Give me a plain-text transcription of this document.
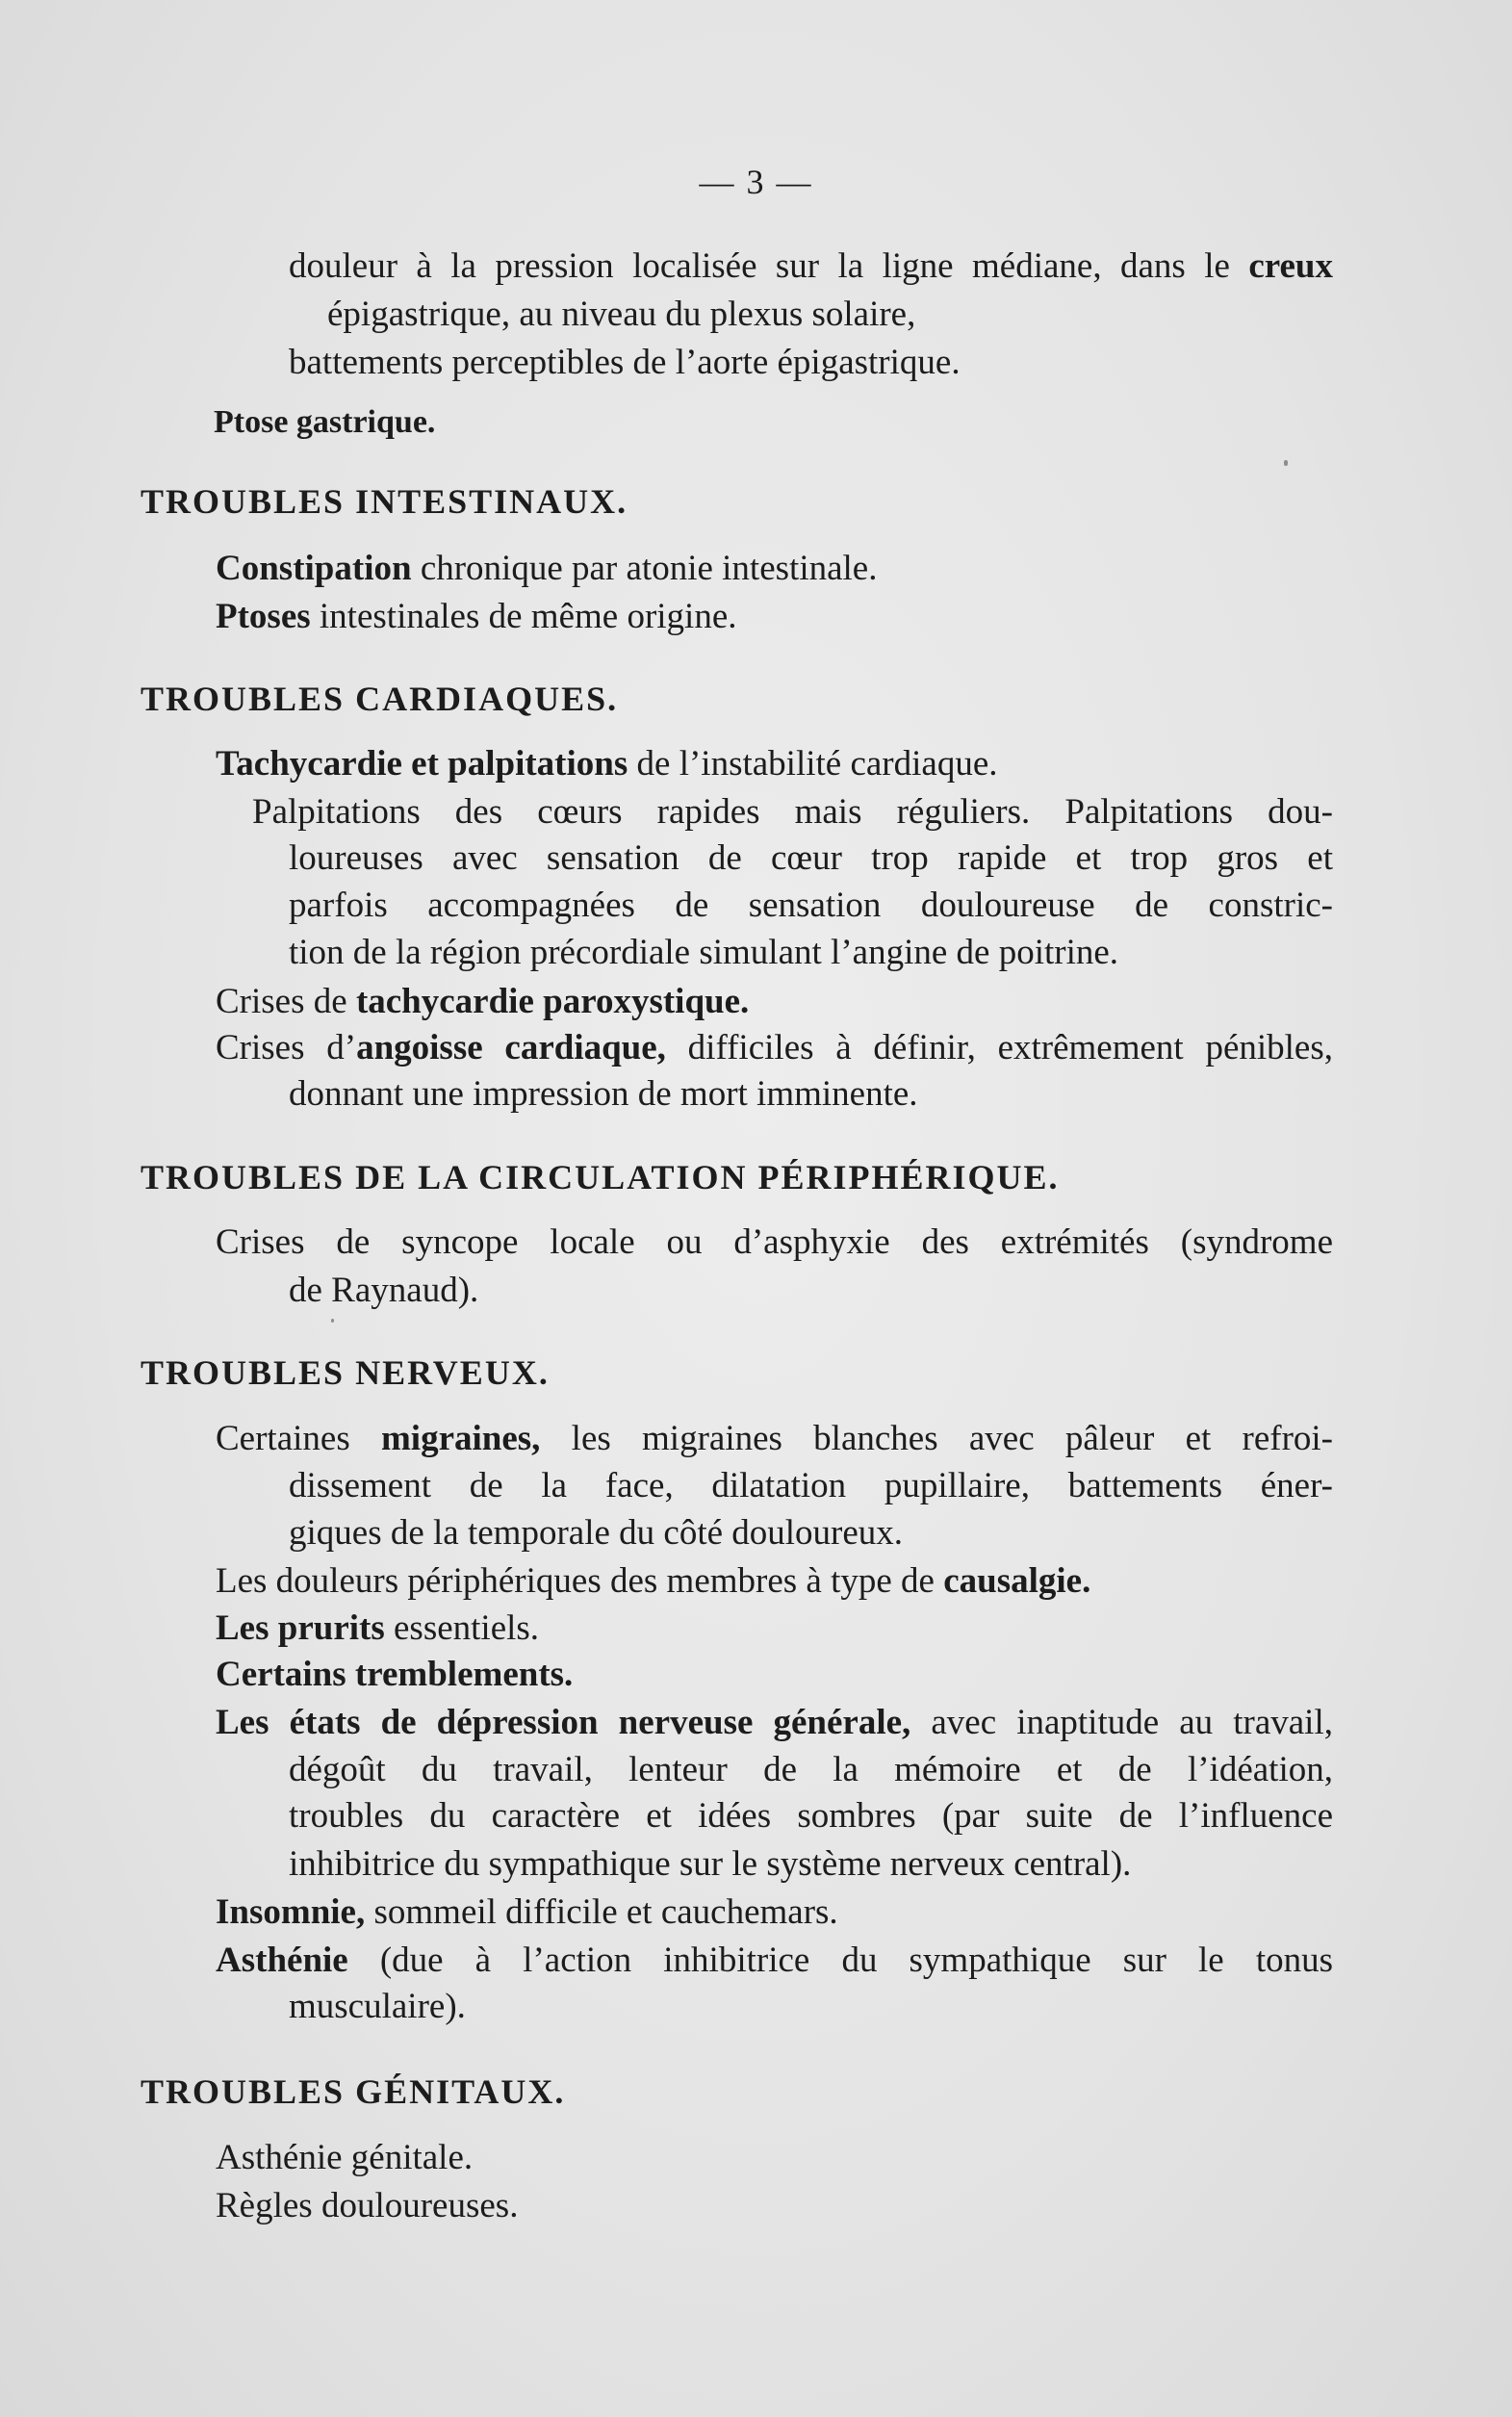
— 3 —
douleur à la pression localisée sur la ligne médiane, dans le creux
épigastrique, au niveau du plexus solaire,
battements perceptibles de l’aorte épigastrique.
Ptose gastrique.
TROUBLES INTESTINAUX.
Constipation chronique par atonie intestinale.
Ptoses intestinales de même origine.
TROUBLES CARDIAQUES.
Tachycardie et palpitations de l’instabilité cardiaque.
Palpitations des cœurs rapides mais réguliers. Palpitations dou-
loureuses avec sensation de cœur trop rapide et trop gros et
parfois accompagnées de sensation douloureuse de constric-
tion de la région précordiale simulant l’angine de poitrine.
Crises de tachycardie paroxystique.
Crises d’angoisse cardiaque, difficiles à définir, extrêmement pénibles,
donnant une impression de mort imminente.
TROUBLES DE LA CIRCULATION PÉRIPHÉRIQUE.
Crises de syncope locale ou d’asphyxie des extrémités (syndrome
de Raynaud).
TROUBLES NERVEUX.
Certaines migraines, les migraines blanches avec pâleur et refroi-
dissement de la face, dilatation pupillaire, battements éner-
giques de la temporale du côté douloureux.
Les douleurs périphériques des membres à type de causalgie.
Les prurits essentiels.
Certains tremblements.
Les états de dépression nerveuse générale, avec inaptitude au travail,
dégoût du travail, lenteur de la mémoire et de l’idéation,
troubles du caractère et idées sombres (par suite de l’influence
inhibitrice du sympathique sur le système nerveux central).
Insomnie, sommeil difficile et cauchemars.
Asthénie (due à l’action inhibitrice du sympathique sur le tonus
musculaire).
TROUBLES GÉNITAUX.
Asthénie génitale.
Règles douloureuses.
